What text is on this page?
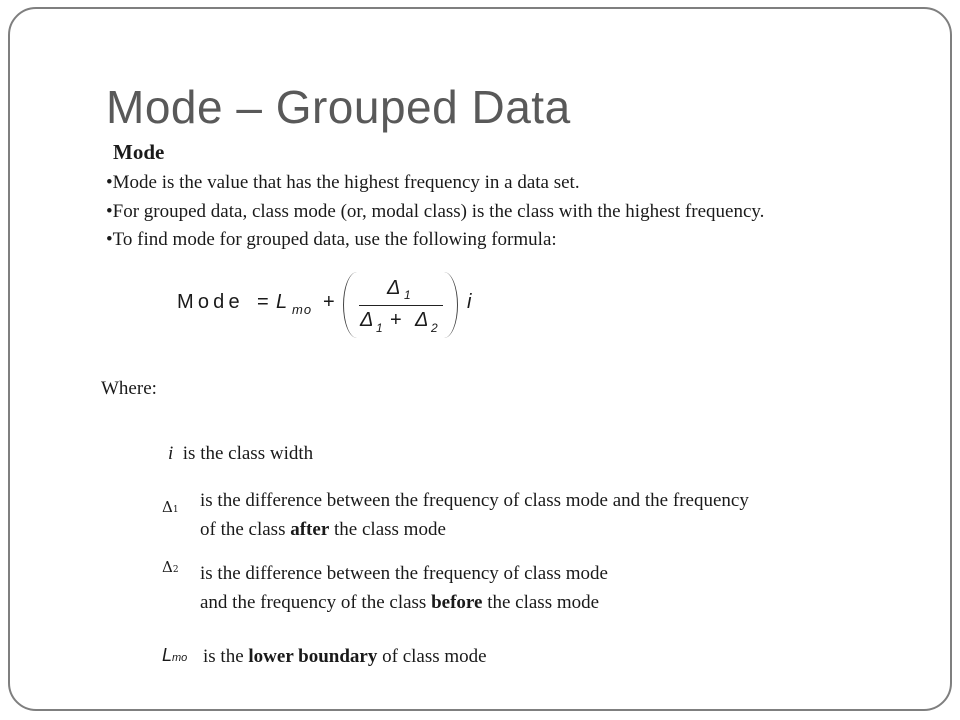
Mode – Grouped Data
Mode
•Mode is the value that has the highest frequency in a data set.
•For grouped data, class mode (or, modal class) is the class with the highest frequency.
•To find mode for grouped data, use the following formula:
Mode = L mo +
Δ 1
Δ 1 + Δ 2
i
Where:
i is the class width
Δ1 is the difference between the frequency of class mode and the frequency
of the class after the class mode
Δ2 is the difference between the frequency of class mode
and the frequency of the class before the class mode
Lmo is the lower boundary of class mode
